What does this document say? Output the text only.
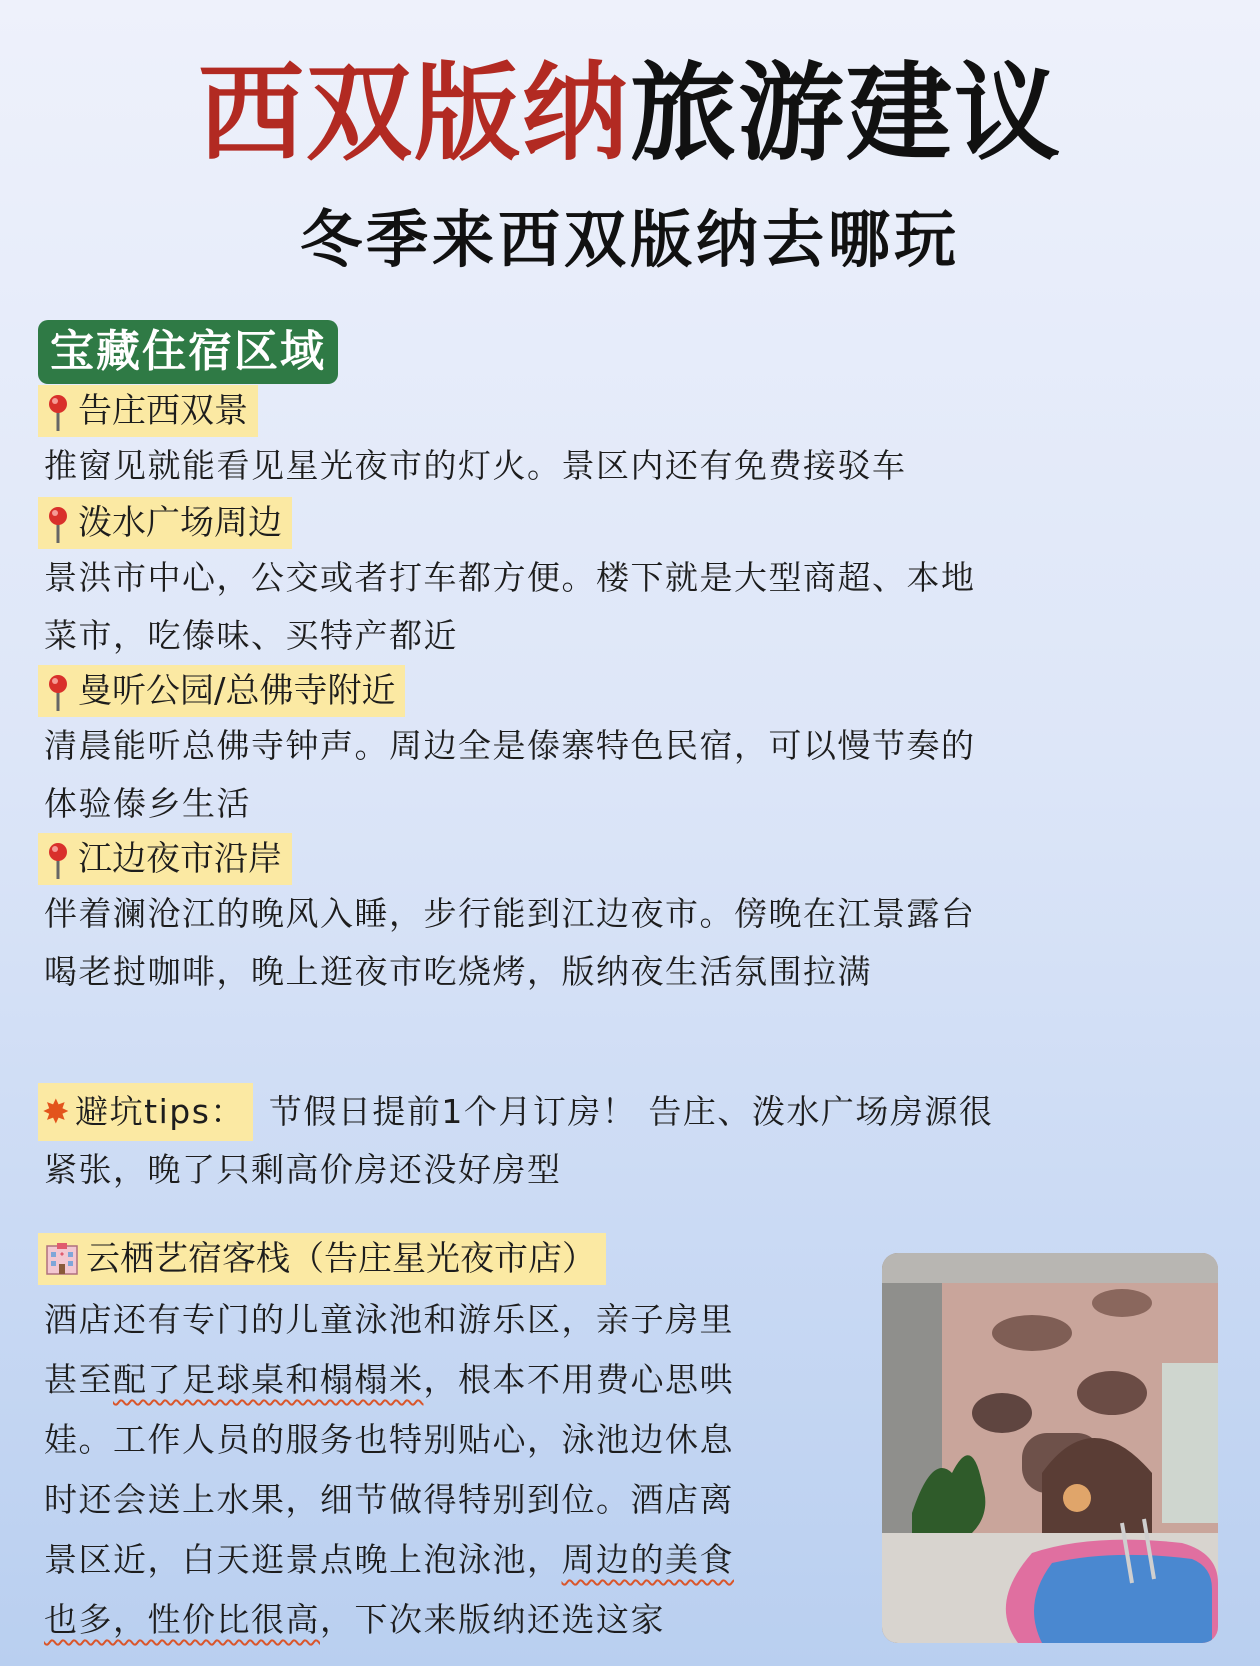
西双版纳旅游建议
冬季来西双版纳去哪玩
宝藏住宿区域
告庄西双景
推窗见就能看见星光夜市的灯火。景区内还有免费接驳车
泼水广场周边
景洪市中心，公交或者打车都方便。楼下就是大型商超、本地
菜市，吃傣味、买特产都近
曼听公园/总佛寺附近
清晨能听总佛寺钟声。周边全是傣寨特色民宿，可以慢节奏的
体验傣乡生活
江边夜市沿岸
伴着澜沧江的晚风入睡，步行能到江边夜市。傍晚在江景露台
喝老挝咖啡，晚上逛夜市吃烧烤，版纳夜生活氛围拉满
✸ 避坑tips： 节假日提前1个月订房！ 告庄、泼水广场房源很
紧张，晚了只剩高价房还没好房型
云栖艺宿客栈（告庄星光夜市店）
酒店还有专门的儿童泳池和游乐区，亲子房里
甚至配了足球桌和榻榻米，根本不用费心思哄
娃。工作人员的服务也特别贴心，泳池边休息
时还会送上水果，细节做得特别到位。酒店离
景区近，白天逛景点晚上泡泳池，周边的美食
也多，性价比很高，下次来版纳还选这家
